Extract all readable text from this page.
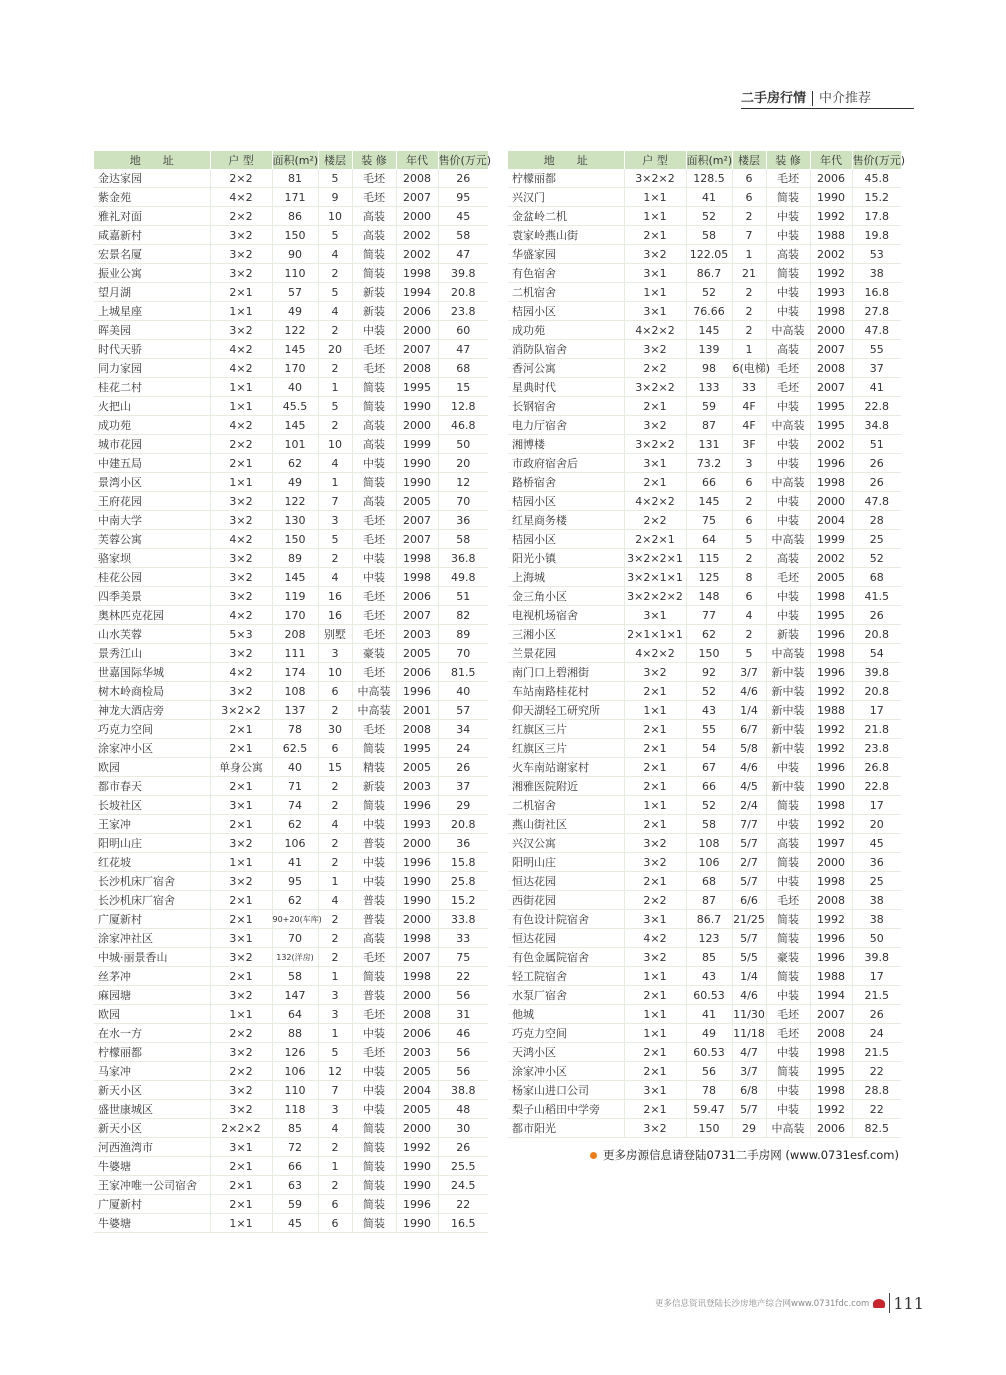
二手房行情	中介推荐
地　　址	户 型	面积(m²)	楼层	装 修	年代	售价(万元)
金达家园	2×2	81	5	毛坯	2008	26
紫金苑	4×2	171	9	毛坯	2007	95
雅礼对面	2×2	86	10	高装	2000	45
咸嘉新村	3×2	150	5	高装	2002	58
宏景名厦	3×2	90	4	简装	2002	47
振业公寓	3×2	110	2	简装	1998	39.8
望月湖	2×1	57	5	新装	1994	20.8
上城星座	1×1	49	4	新装	2006	23.8
晖美园	3×2	122	2	中装	2000	60
时代天骄	4×2	145	20	毛坯	2007	47
同力家园	4×2	170	2	毛坯	2008	68
桂花二村	1×1	40	1	简装	1995	15
火把山	1×1	45.5	5	简装	1990	12.8
成功苑	4×2	145	2	高装	2000	46.8
城市花园	2×2	101	10	高装	1999	50
中建五局	2×1	62	4	中装	1990	20
景湾小区	1×1	49	1	简装	1990	12
王府花园	3×2	122	7	高装	2005	70
中南大学	3×2	130	3	毛坯	2007	36
芙蓉公寓	4×2	150	5	毛坯	2007	58
骆家坝	3×2	89	2	中装	1998	36.8
桂花公园	3×2	145	4	中装	1998	49.8
四季美景	3×2	119	16	毛坯	2006	51
奥林匹克花园	4×2	170	16	毛坯	2007	82
山水芙蓉	5×3	208	别墅	毛坯	2003	89
景秀江山	3×2	111	3	豪装	2005	70
世嘉国际华城	4×2	174	10	毛坯	2006	81.5
树木岭商检局	3×2	108	6	中高装	1996	40
神龙大酒店旁	3×2×2	137	2	中高装	2001	57
巧克力空间	2×1	78	30	毛坯	2008	34
涂家冲小区	2×1	62.5	6	简装	1995	24
欧园	单身公寓	40	15	精装	2005	26
都市春天	2×1	71	2	新装	2003	37
长坡社区	3×1	74	2	简装	1996	29
王家冲	2×1	62	4	中装	1993	20.8
阳明山庄	3×2	106	2	普装	2000	36
红花坡	1×1	41	2	中装	1996	15.8
长沙机床厂宿舍	3×2	95	1	中装	1990	25.8
长沙机床厂宿舍	2×1	62	4	普装	1990	15.2
广厦新村	2×1	90+20(车库)	2	普装	2000	33.8
涂家冲社区	3×1	70	2	高装	1998	33
中城·丽景香山	3×2	132(洋房)	2	毛坯	2007	75
丝茅冲	2×1	58	1	简装	1998	22
麻园塘	3×2	147	3	普装	2000	56
欧园	1×1	64	3	毛坯	2008	31
在水一方	2×2	88	1	中装	2006	46
柠檬丽都	3×2	126	5	毛坯	2003	56
马家冲	2×2	106	12	中装	2005	56
新天小区	3×2	110	7	中装	2004	38.8
盛世康城区	3×2	118	3	中装	2005	48
新天小区	2×2×2	85	4	简装	2000	30
河西渔湾市	3×1	72	2	简装	1992	26
牛婆塘	2×1	66	1	简装	1990	25.5
王家冲唯一公司宿舍	2×1	63	2	简装	1990	24.5
广厦新村	2×1	59	6	简装	1996	22
牛婆塘	1×1	45	6	简装	1990	16.5
地　　址	户 型	面积(m²)	楼层	装 修	年代	售价(万元)
柠檬丽都	3×2×2	128.5	6	毛坯	2006	45.8
兴汉门	1×1	41	6	简装	1990	15.2
金盆岭二机	1×1	52	2	中装	1992	17.8
袁家岭燕山街	2×1	58	7	中装	1988	19.8
华盛家园	3×2	122.05	1	高装	2002	53
有色宿舍	3×1	86.7	21	简装	1992	38
二机宿舍	1×1	52	2	中装	1993	16.8
桔园小区	3×1	76.66	2	中装	1998	27.8
成功苑	4×2×2	145	2	中高装	2000	47.8
消防队宿舍	3×2	139	1	高装	2007	55
香河公寓	2×2	98	6(电梯)	毛坯	2008	37
星典时代	3×2×2	133	33	毛坯	2007	41
长钢宿舍	2×1	59	4F	中装	1995	22.8
电力厅宿舍	3×2	87	4F	中高装	1995	34.8
湘博楼	3×2×2	131	3F	中装	2002	51
市政府宿舍后	3×1	73.2	3	中装	1996	26
路桥宿舍	2×1	66	6	中高装	1998	26
桔园小区	4×2×2	145	2	中装	2000	47.8
红星商务楼	2×2	75	6	中装	2004	28
桔园小区	2×2×1	64	5	中高装	1999	25
阳光小镇	3×2×2×1	115	2	高装	2002	52
上海城	3×2×1×1	125	8	毛坯	2005	68
金三角小区	3×2×2×2	148	6	中装	1998	41.5
电视机场宿舍	3×1	77	4	中装	1995	26
三湘小区	2×1×1×1	62	2	新装	1996	20.8
兰景花园	4×2×2	150	5	中高装	1998	54
南门口上碧湘街	3×2	92	3/7	新中装	1996	39.8
车站南路桂花村	2×1	52	4/6	新中装	1992	20.8
仰天湖轻工研究所	1×1	43	1/4	新中装	1988	17
红旗区三片	2×1	55	6/7	新中装	1992	21.8
红旗区三片	2×1	54	5/8	新中装	1992	23.8
火车南站谢家村	2×1	67	4/6	中装	1996	26.8
湘雅医院附近	2×1	66	4/5	新中装	1990	22.8
二机宿舍	1×1	52	2/4	简装	1998	17
燕山街社区	2×1	58	7/7	中装	1992	20
兴汉公寓	3×2	108	5/7	高装	1997	45
阳明山庄	3×2	106	2/7	简装	2000	36
恒达花园	2×1	68	5/7	中装	1998	25
西街花园	2×2	87	6/6	毛坯	2008	38
有色设计院宿舍	3×1	86.7	21/25	简装	1992	38
恒达花园	4×2	123	5/7	简装	1996	50
有色金属院宿舍	3×2	85	5/5	豪装	1996	39.8
轻工院宿舍	1×1	43	1/4	简装	1988	17
水泵厂宿舍	2×1	60.53	4/6	中装	1994	21.5
他城	1×1	41	11/30	毛坯	2007	26
巧克力空间	1×1	49	11/18	毛坯	2008	24
天鸿小区	2×1	60.53	4/7	中装	1998	21.5
涂家冲小区	2×1	56	3/7	简装	1995	22
杨家山进口公司	3×1	78	6/8	中装	1998	28.8
梨子山稻田中学旁	2×1	59.47	5/7	中装	1992	22
都市阳光	3×2	150	29	中高装	2006	82.5
更多房源信息请登陆0731二手房网 (www.0731esf.com)
更多信息资讯登陆长沙房地产综合网www.0731fdc.com 111
